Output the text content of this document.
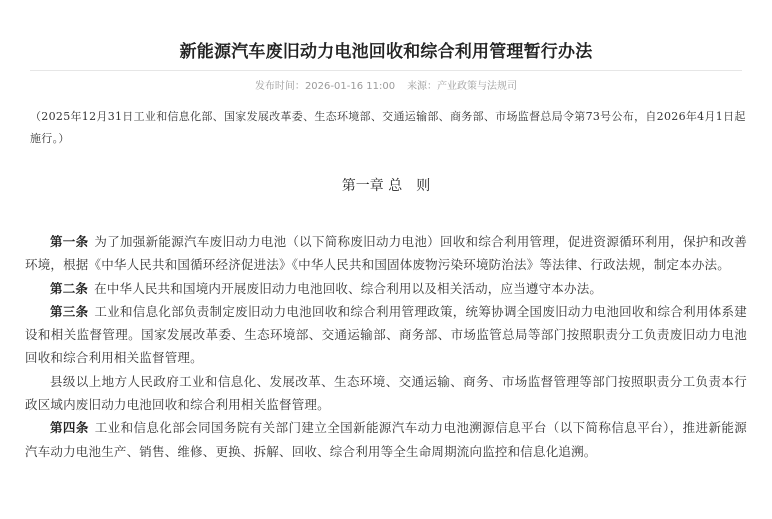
新能源汽车废旧动力电池回收和综合利用管理暂行办法
发布时间：2026-01-16 11:00 来源：产业政策与法规司
（2025年12月31日工业和信息化部、国家发展改革委、生态环境部、交通运输部、商务部、市场监督总局令第73号公布，自2026年4月1日起施行。）
第一章 总　则

第一条 为了加强新能源汽车废旧动力电池（以下简称废旧动力电池）回收和综合利用管理，促进资源循环利用，保护和改善环境，根据《中华人民共和国循环经济促进法》《中华人民共和国固体废物污染环境防治法》等法律、行政法规，制定本办法。

第二条 在中华人民共和国境内开展废旧动力电池回收、综合利用以及相关活动，应当遵守本办法。

第三条 工业和信息化部负责制定废旧动力电池回收和综合利用管理政策，统筹协调全国废旧动力电池回收和综合利用体系建设和相关监督管理。国家发展改革委、生态环境部、交通运输部、商务部、市场监管总局等部门按照职责分工负责废旧动力电池回收和综合利用相关监督管理。

县级以上地方人民政府工业和信息化、发展改革、生态环境、交通运输、商务、市场监督管理等部门按照职责分工负责本行政区域内废旧动力电池回收和综合利用相关监督管理。

第四条 工业和信息化部会同国务院有关部门建立全国新能源汽车动力电池溯源信息平台（以下简称信息平台），推进新能源汽车动力电池生产、销售、维修、更换、拆解、回收、综合利用等全生命周期流向监控和信息化追溯。
